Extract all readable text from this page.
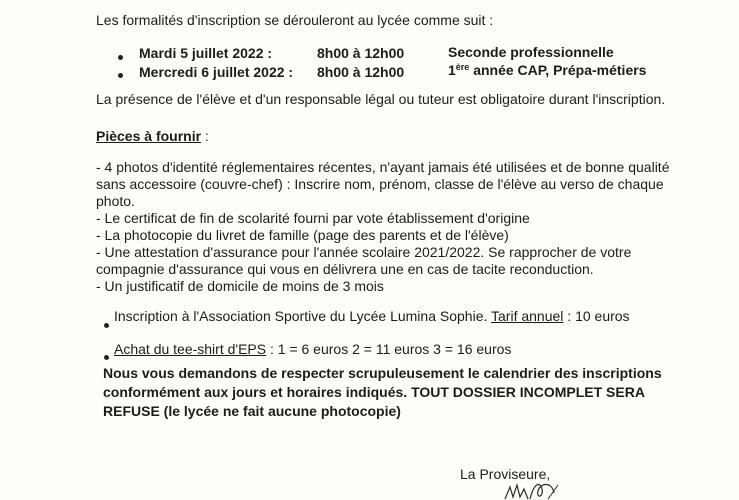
Les formalités d'inscription se dérouleront au lycée comme suit :
Mardi 5 juillet 2022 :	8h00 à 12h00	Seconde professionnelle
Mercredi 6 juillet 2022 : 8h00 à 12h00	1ère année CAP, Prépa-métiers
La présence de l'élève et d'un responsable légal ou tuteur est obligatoire durant l'inscription.
Pièces à fournir :
- 4 photos d'identité réglementaires récentes, n'ayant jamais été utilisées et de bonne qualité
sans accessoire (couvre-chef) : Inscrire nom, prénom, classe de l'élève au verso de chaque
photo.
- Le certificat de fin de scolarité fourni par vote établissement d'origine
- La photocopie du livret de famille (page des parents et de l'élève)
- Une attestation d'assurance pour l'année scolaire 2021/2022. Se rapprocher de votre
compagnie d'assurance qui vous en délivrera une en cas de tacite reconduction.
- Un justificatif de domicile de moins de 3 mois
Inscription à l'Association Sportive du Lycée Lumina Sophie. Tarif annuel : 10 euros
Achat du tee-shirt d'EPS : 1 = 6 euros 2 = 11 euros 3 = 16 euros
Nous vous demandons de respecter scrupuleusement le calendrier des inscriptions
conformément aux jours et horaires indiqués. TOUT DOSSIER INCOMPLET SERA
REFUSE (le lycée ne fait aucune photocopie)
La Proviseure,
